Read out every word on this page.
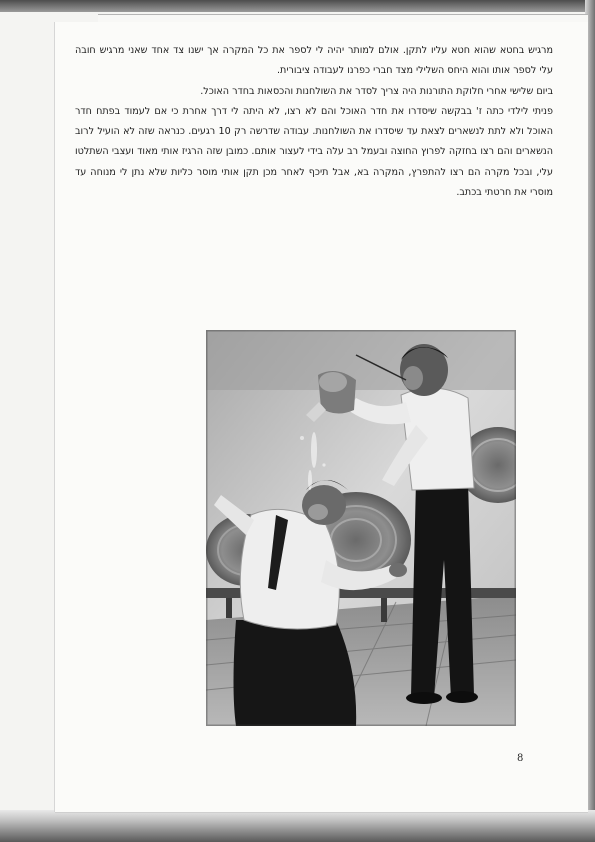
מרגיש בחטא שהוא חטא עליו לתקן. אולם למותר יהיה לי לספר את כל המקרה אך ישנו צד אחד שאני מרגיש חובה עלי לספר אותו והוא היחס השלילי מצד חברי כפרנו לעבודה ציבורית.

ביום שלישי אחרי חלוקת התורנות היה צריך לסדר את השולחנות והכסאות בחדר האוכל.

פניתי לילדי כתה ז' בבקשה שיסדרו את חדר האוכל והם לא רצו, לא היתה לי דרך אחרת כי אם לעמוד בפתח חדר האוכל ולא לתת לנשארים לצאת עד שיסדרו את השולחנות. עבודה שדרשה רק 10 רגעים. כנראה שזה לא הועיל לרוב הנשארים והם רצו בחזקה לפרוץ החוצה ובעמל רב עלה בידי לעצור אותם. כמובן שזה הרגיז אותי מאוד ועצבי השתלטו עלי, ובכל מקרה הם רצו להתפרץ, המקרה בא, אבל תיכף לאחר מכן תקן אותי מוסר כליות שלא נתן לי מנוחה עד מוסרי את חרטתי בכתב.

8
